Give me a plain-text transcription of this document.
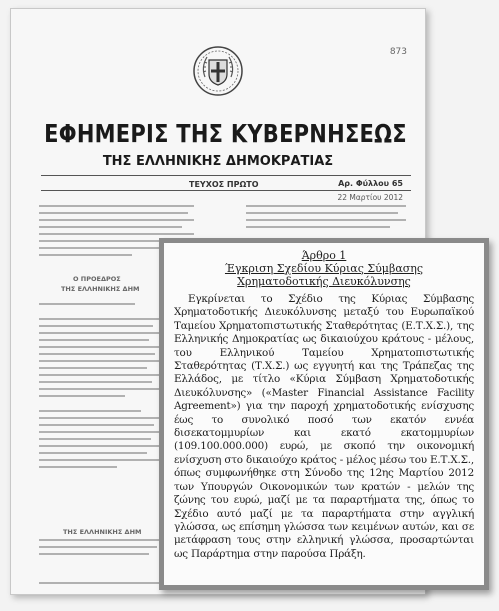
873
ΕΦΗΜΕΡΙΣ ΤΗΣ ΚΥΒΕΡΝΗΣΕΩΣ
ΤΗΣ ΕΛΛΗΝΙΚΗΣ ΔΗΜΟΚΡΑΤΙΑΣ
ΤΕΥΧΟΣ ΠΡΩΤΟ	Αρ. Φύλλου 65
22 Μαρτίου 2012
Ο ΠΡΟΕΔΡΟΣ
ΤΗΣ ΕΛΛΗΝΙΚΗΣ ΔΗΜ
ΤΗΣ ΕΛΛΗΝΙΚΗΣ ΔΗΜ
Άρθρο 1
Έγκριση Σχεδίου Κύριας Σύμβασης
Χρηματοδοτικής Διευκόλυνσης
Εγκρίνεται το Σχέδιο της Κύριας Σύμβασης Χρηματοδοτικής Διευκόλυνσης μεταξύ του Ευρωπαϊκού Ταμείου Χρηματοπιστωτικής Σταθερότητας (Ε.Τ.Χ.Σ.), της Ελληνικής Δημοκρατίας ως δικαιούχου κράτους - μέλους, του Ελληνικού Ταμείου Χρηματοπιστωτικής Σταθερότητας (Τ.Χ.Σ.) ως εγγυητή και της Τράπεζας της Ελλάδος, με τίτλο «Κύρια Σύμβαση Χρηματοδοτικής Διευκόλυνσης» («Master Financial Assistance Facility Agreement») για την παροχή χρηματοδοτικής ενίσχυσης έως το συνολικό ποσό των εκατόν εννέα δισεκατομμυρίων και εκατό εκατομμυρίων (109.100.000.000) ευρώ, με σκοπό την οικονομική ενίσχυση στο δικαιούχο κράτος - μέλος μέσω του Ε.Τ.Χ.Σ., όπως συμφωνήθηκε στη Σύνοδο της 12ης Μαρτίου 2012 των Υπουργών Οικονομικών των κρατών - μελών της ζώνης του ευρώ, μαζί με τα παραρτήματα της, όπως το Σχέδιο αυτό μαζί με τα παραρτήματα στην αγγλική γλώσσα, ως επίσημη γλώσσα των κειμένων αυτών, και σε μετάφραση τους στην ελληνική γλώσσα, προσαρτώνται ως Παράρτημα στην παρούσα Πράξη.
